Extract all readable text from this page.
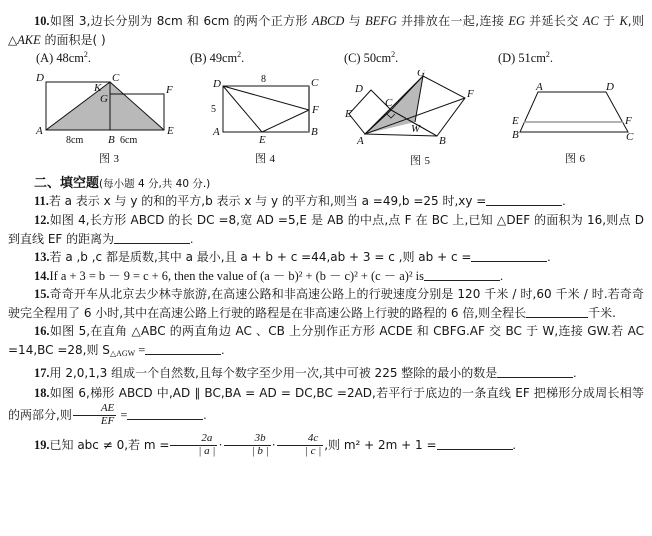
10.如图 3,边长分别为 8cm 和 6cm 的两个正方形 ABCD 与 BEFG 并排放在一起,连接 EG 并延长交 AC 于 K,则 △AKE 的面积是( )
(A) $48cm^2$.	(B) $49cm^2$.	(C) $50cm^2$.	(D) $51cm^2$.
D	C
K
G
F
A
B
E
8cm	6cm
图 3
D	C
F
A
E
B
8
5
图 4
G
D
C
F
E
W
A	B
图 5
A	D
E	F
B	C
图 6
二、填空题(每小题 4 分,共 40 分.)
11.若 a 表示 x 与 y 的和的平方,b 表示 x 与 y 的平方和,则当 a =49,b =25 时,xy =	.
12.如图 4,长方形 ABCD 的长 DC =8,宽 AD =5,E 是 AB 的中点,点 F 在 BC 上,已知 △DEF 的面积为 16,则点 D 到直线 EF 的距离为	.
13.若 a ,b ,c 都是质数,其中 a 最小,且 a + b + c =44,ab + 3 = c ,则 ab + c =	.
14.If a + 3 = b － 9 = c + 6, then the value of (a － b)² + (b － c)² + (c － a)² is	.
15.奇奇开车从北京去少林寺旅游,在高速公路和非高速公路上的行驶速度分别是 120 千米 / 时,60 千米 / 时.若奇奇驶完全程用了 6 小时,其中在高速公路上行驶的路程是在非高速公路上行驶的路程的 6 倍,则全程长	千米.
16.如图 5,在直角 △ABC 的两直角边 AC 、CB 上分别作正方形 ACDE 和 CBFG.AF 交 BC 于 W,连接 GW.若 AC =14,BC =28,则 $S_{\triangle AGW}$ =	.
17.用 2,0,1,3 组成一个自然数,且每个数字至少用一次,其中可被 225 整除的最小的数是	.
18.如图 6,梯形 ABCD 中,AD ∥ BC,BA = AD = DC,BC =2AD,若平行于底边的一条直线 EF 把梯形分成周长相等的两部分,则 $\frac{AE}{EF}$ =	.
19.已知 abc ≠ 0,若 $m = \frac{2a}{| a |} \cdot \frac{3b}{| b |} \cdot \frac{4c}{| c |}$ ,则 m² + 2m + 1 =	.
